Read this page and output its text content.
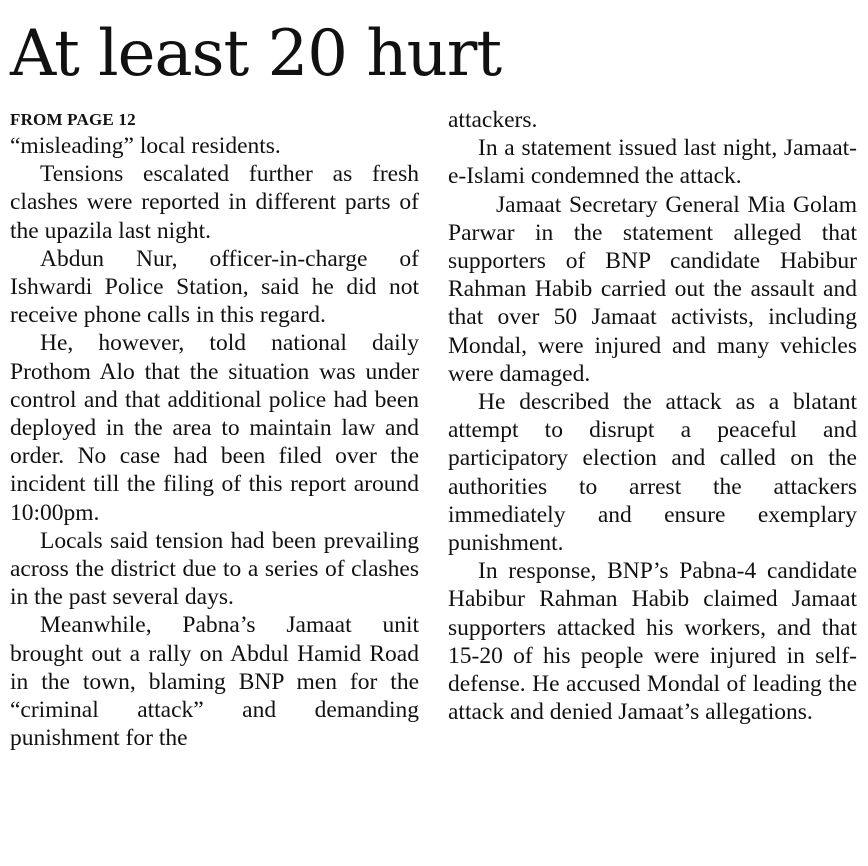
At least 20 hurt
FROM PAGE 12

“misleading” local residents.

Tensions escalated further as fresh clashes were reported in different parts of the upazila last night.

Abdun Nur, officer-in-charge of Ishwardi Police Station, said he did not receive phone calls in this regard.

He, however, told national daily Prothom Alo that the situation was under control and that additional police had been deployed in the area to maintain law and order. No case had been filed over the incident till the filing of this report around 10:00pm.

Locals said tension had been prevailing across the district due to a series of clashes in the past several days.

Meanwhile, Pabna’s Jamaat unit brought out a rally on Abdul Hamid Road in the town, blaming BNP men for the “criminal attack” and demanding punishment for the

attackers.

In a statement issued last night, Jamaat-e-Islami condemned the attack.

Jamaat Secretary General Mia Golam Parwar in the statement alleged that supporters of BNP candidate Habibur Rahman Habib carried out the assault and that over 50 Jamaat activists, including Mondal, were injured and many vehicles were damaged.

He described the attack as a blatant attempt to disrupt a peaceful and participatory election and called on the authorities to arrest the attackers immediately and ensure exemplary punishment.

In response, BNP’s Pabna-4 candidate Habibur Rahman Habib claimed Jamaat supporters attacked his workers, and that 15-20 of his people were injured in self-defense. He accused Mondal of leading the attack and denied Jamaat’s allegations.
